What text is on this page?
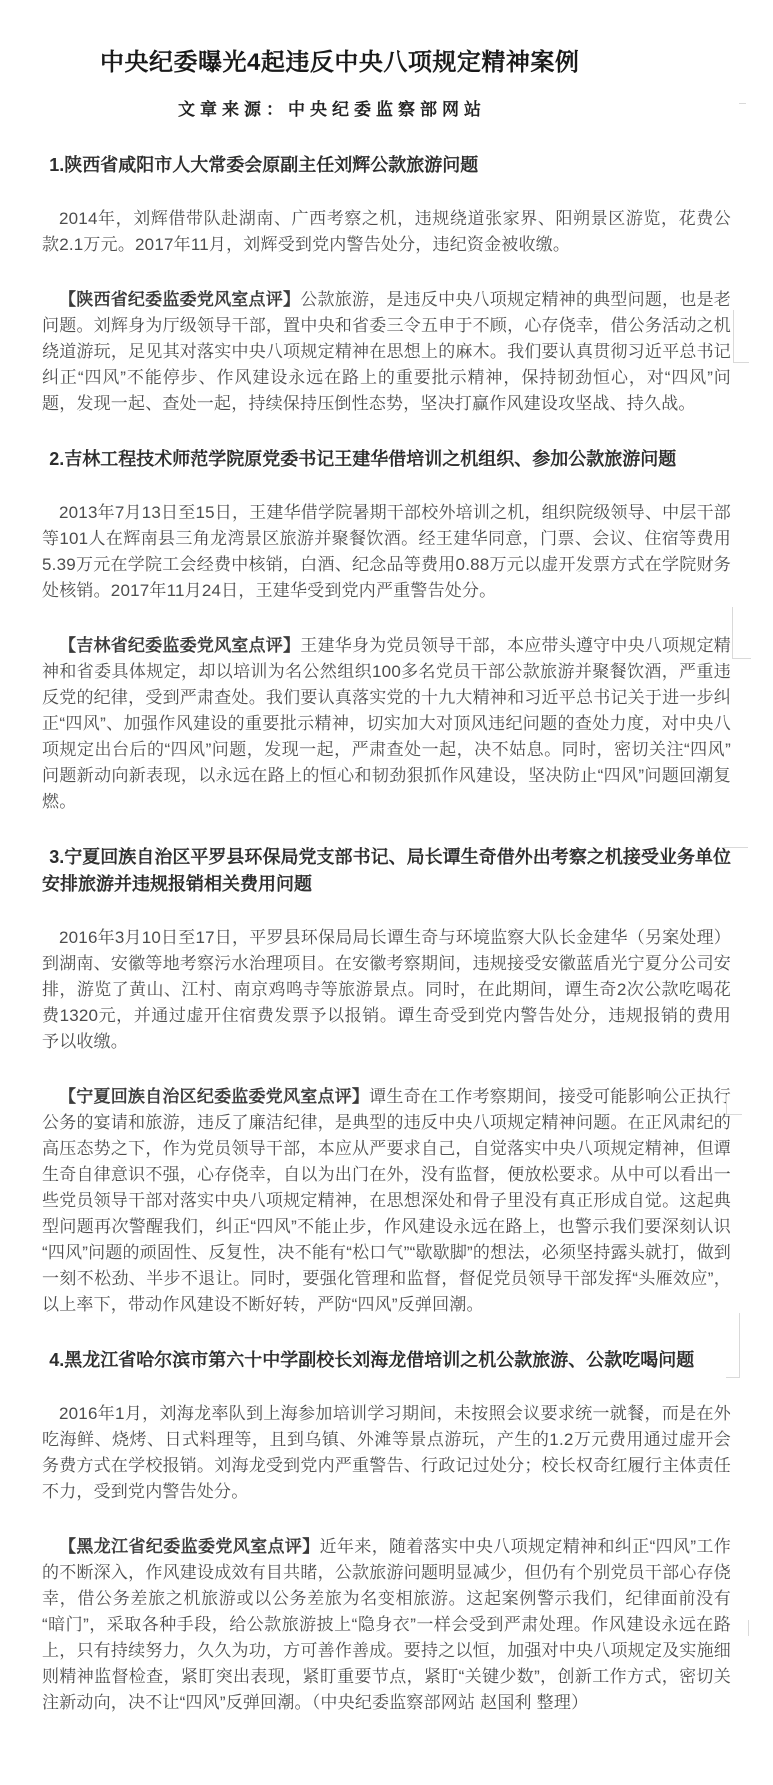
中央纪委曝光4起违反中央八项规定精神案例
文章来源：中央纪委监察部网站
1.陕西省咸阳市人大常委会原副主任刘辉公款旅游问题

2014年，刘辉借带队赴湖南、广西考察之机，违规绕道张家界、阳朔景区游览，花费公款2.1万元。2017年11月，刘辉受到党内警告处分，违纪资金被收缴。

【陕西省纪委监委党风室点评】公款旅游，是违反中央八项规定精神的典型问题，也是老问题。刘辉身为厅级领导干部，置中央和省委三令五申于不顾，心存侥幸，借公务活动之机绕道游玩，足见其对落实中央八项规定精神在思想上的麻木。我们要认真贯彻习近平总书记纠正“四风”不能停步、作风建设永远在路上的重要批示精神，保持韧劲恒心，对“四风”问题，发现一起、查处一起，持续保持压倒性态势，坚决打赢作风建设攻坚战、持久战。

2.吉林工程技术师范学院原党委书记王建华借培训之机组织、参加公款旅游问题

2013年7月13日至15日，王建华借学院暑期干部校外培训之机，组织院级领导、中层干部等101人在辉南县三角龙湾景区旅游并聚餐饮酒。经王建华同意，门票、会议、住宿等费用5.39万元在学院工会经费中核销，白酒、纪念品等费用0.88万元以虚开发票方式在学院财务处核销。2017年11月24日，王建华受到党内严重警告处分。

【吉林省纪委监委党风室点评】王建华身为党员领导干部，本应带头遵守中央八项规定精神和省委具体规定，却以培训为名公然组织100多名党员干部公款旅游并聚餐饮酒，严重违反党的纪律，受到严肃查处。我们要认真落实党的十九大精神和习近平总书记关于进一步纠正“四风”、加强作风建设的重要批示精神，切实加大对顶风违纪问题的查处力度，对中央八项规定出台后的“四风”问题，发现一起，严肃查处一起，决不姑息。同时，密切关注“四风”问题新动向新表现，以永远在路上的恒心和韧劲狠抓作风建设，坚决防止“四风”问题回潮复燃。

3.宁夏回族自治区平罗县环保局党支部书记、局长谭生奇借外出考察之机接受业务单位安排旅游并违规报销相关费用问题

2016年3月10日至17日，平罗县环保局局长谭生奇与环境监察大队长金建华（另案处理）到湖南、安徽等地考察污水治理项目。在安徽考察期间，违规接受安徽蓝盾光宁夏分公司安排，游览了黄山、江村、南京鸡鸣寺等旅游景点。同时，在此期间，谭生奇2次公款吃喝花费1320元，并通过虚开住宿费发票予以报销。谭生奇受到党内警告处分，违规报销的费用予以收缴。

【宁夏回族自治区纪委监委党风室点评】谭生奇在工作考察期间，接受可能影响公正执行公务的宴请和旅游，违反了廉洁纪律，是典型的违反中央八项规定精神问题。在正风肃纪的高压态势之下，作为党员领导干部，本应从严要求自己，自觉落实中央八项规定精神，但谭生奇自律意识不强，心存侥幸，自以为出门在外，没有监督，便放松要求。从中可以看出一些党员领导干部对落实中央八项规定精神，在思想深处和骨子里没有真正形成自觉。这起典型问题再次警醒我们，纠正“四风”不能止步，作风建设永远在路上，也警示我们要深刻认识“四风”问题的顽固性、反复性，决不能有“松口气”“歇歇脚”的想法，必须坚持露头就打，做到一刻不松劲、半步不退让。同时，要强化管理和监督，督促党员领导干部发挥“头雁效应”，以上率下，带动作风建设不断好转，严防“四风”反弹回潮。

4.黑龙江省哈尔滨市第六十中学副校长刘海龙借培训之机公款旅游、公款吃喝问题

2016年1月，刘海龙率队到上海参加培训学习期间，未按照会议要求统一就餐，而是在外吃海鲜、烧烤、日式料理等，且到乌镇、外滩等景点游玩，产生的1.2万元费用通过虚开会务费方式在学校报销。刘海龙受到党内严重警告、行政记过处分；校长权奇红履行主体责任不力，受到党内警告处分。

【黑龙江省纪委监委党风室点评】近年来，随着落实中央八项规定精神和纠正“四风”工作的不断深入，作风建设成效有目共睹，公款旅游问题明显减少，但仍有个别党员干部心存侥幸，借公务差旅之机旅游或以公务差旅为名变相旅游。这起案例警示我们，纪律面前没有“暗门”，采取各种手段，给公款旅游披上“隐身衣”一样会受到严肃处理。作风建设永远在路上，只有持续努力，久久为功，方可善作善成。要持之以恒，加强对中央八项规定及实施细则精神监督检查，紧盯突出表现，紧盯重要节点，紧盯“关键少数”，创新工作方式，密切关注新动向，决不让“四风”反弹回潮。（中央纪委监察部网站 赵国利 整理）
